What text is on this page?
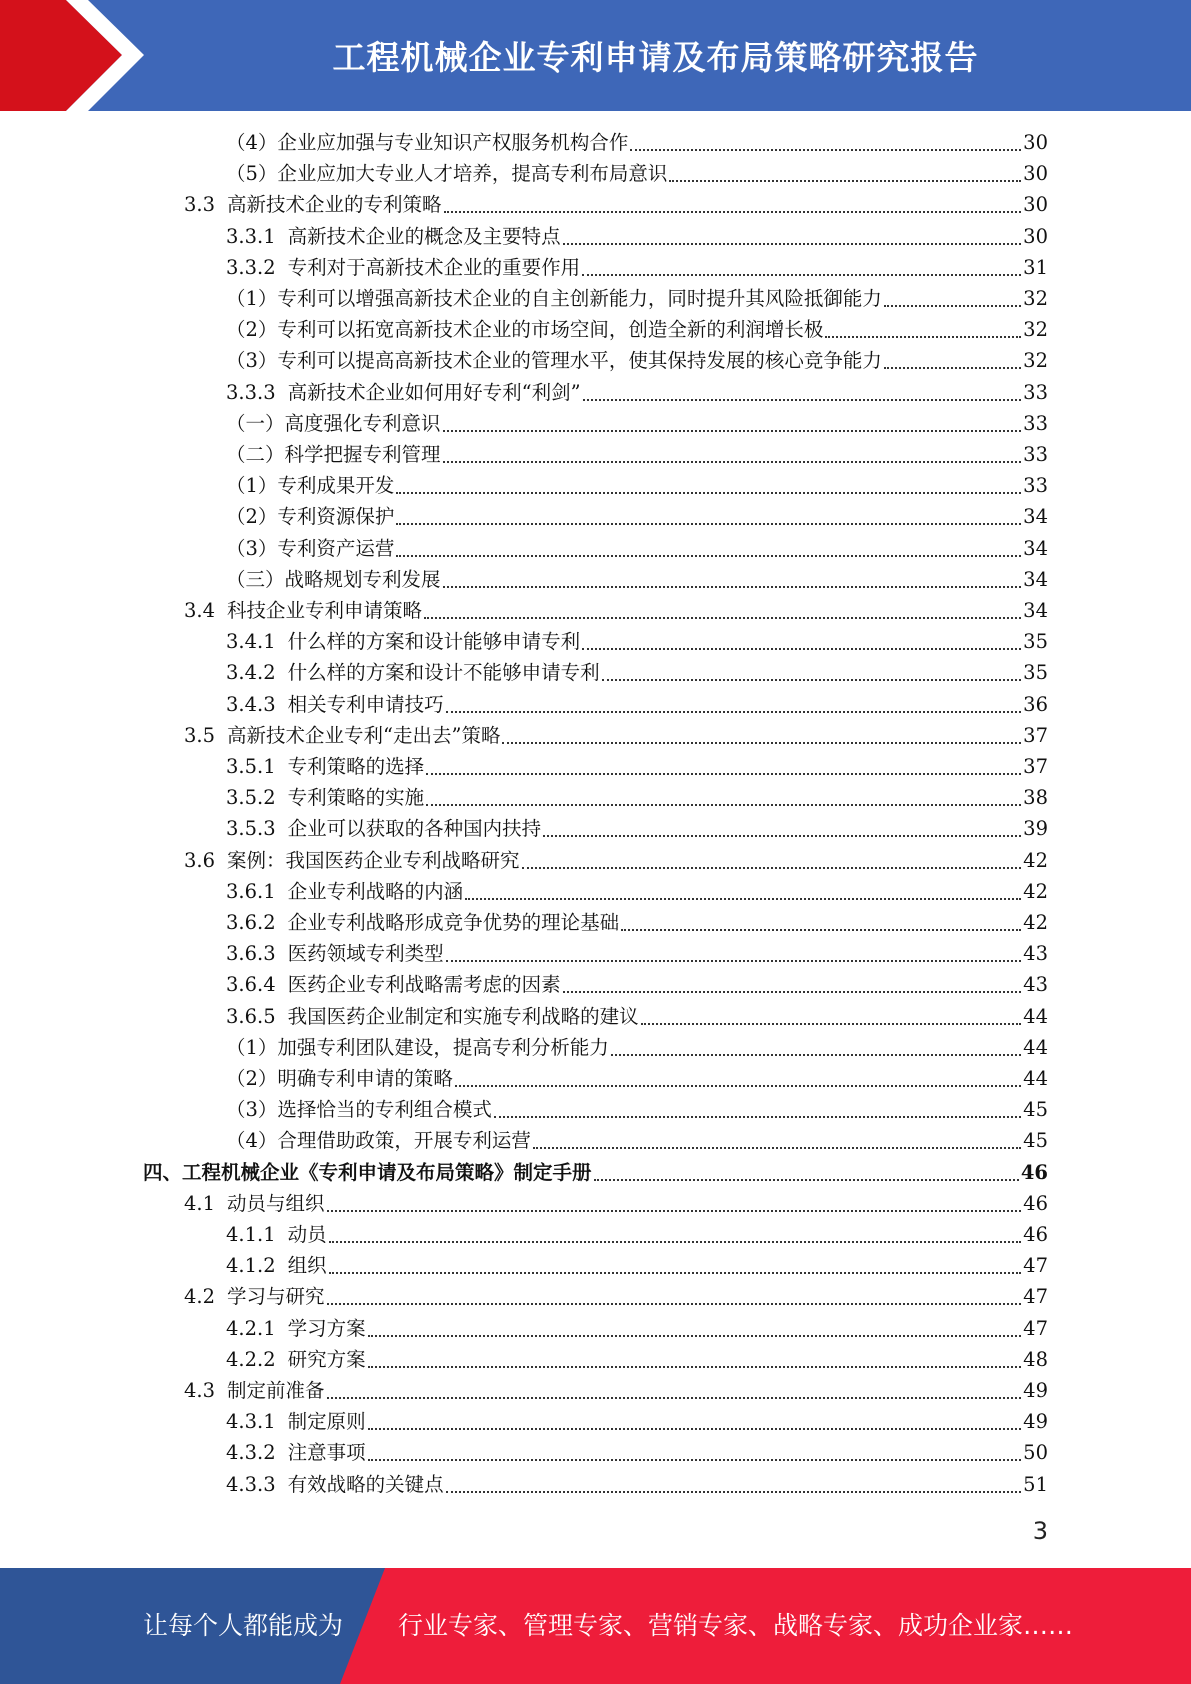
工程机械企业专利申请及布局策略研究报告
（4）企业应加强与专业知识产权服务机构合作	30
（5）企业应加大专业人才培养，提高专利布局意识	30
3.3 高新技术企业的专利策略	30
3.3.1 高新技术企业的概念及主要特点	30
3.3.2 专利对于高新技术企业的重要作用	31
（1）专利可以增强高新技术企业的自主创新能力，同时提升其风险抵御能力	32
（2）专利可以拓宽高新技术企业的市场空间，创造全新的利润增长极	32
（3）专利可以提高高新技术企业的管理水平，使其保持发展的核心竞争能力	32
3.3.3 高新技术企业如何用好专利“利剑”	33
（一）高度强化专利意识	33
（二）科学把握专利管理	33
（1）专利成果开发	33
（2）专利资源保护	34
（3）专利资产运营	34
（三）战略规划专利发展	34
3.4 科技企业专利申请策略	34
3.4.1 什么样的方案和设计能够申请专利	35
3.4.2 什么样的方案和设计不能够申请专利	35
3.4.3 相关专利申请技巧	36
3.5 高新技术企业专利“走出去”策略	37
3.5.1 专利策略的选择	37
3.5.2 专利策略的实施	38
3.5.3 企业可以获取的各种国内扶持	39
3.6 案例：我国医药企业专利战略研究	42
3.6.1 企业专利战略的内涵	42
3.6.2 企业专利战略形成竞争优势的理论基础	42
3.6.3 医药领域专利类型	43
3.6.4 医药企业专利战略需考虑的因素	43
3.6.5 我国医药企业制定和实施专利战略的建议	44
（1）加强专利团队建设，提高专利分析能力	44
（2）明确专利申请的策略	44
（3）选择恰当的专利组合模式	45
（4）合理借助政策，开展专利运营	45
四、工程机械企业《专利申请及布局策略》制定手册	46
4.1 动员与组织	46
4.1.1 动员	46
4.1.2 组织	47
4.2 学习与研究	47
4.2.1 学习方案	47
4.2.2 研究方案	48
4.3 制定前准备	49
4.3.1 制定原则	49
4.3.2 注意事项	50
4.3.3 有效战略的关键点	51
3
让每个人都能成为 行业专家、管理专家、营销专家、战略专家、成功企业家……
